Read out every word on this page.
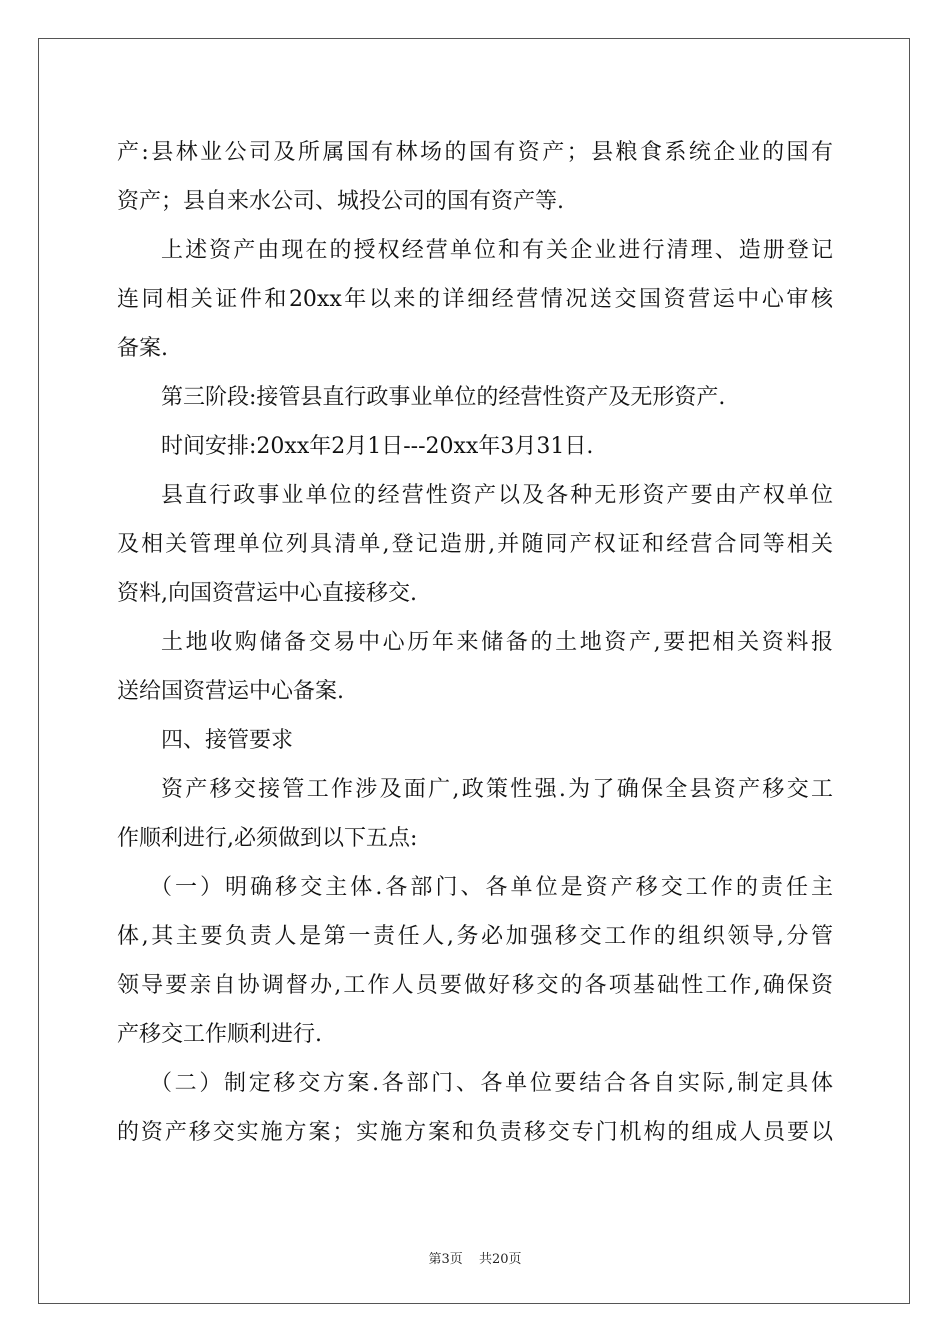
产:县林业公司及所属国有林场的国有资产；县粮食系统企业的国有
资产；县自来水公司、城投公司的国有资产等.
上述资产由现在的授权经营单位和有关企业进行清理、造册登记
连同相关证件和20xx年以来的详细经营情况送交国资营运中心审核
备案.
第三阶段:接管县直行政事业单位的经营性资产及无形资产.
时间安排:20xx年2月1日---20xx年3月31日.
县直行政事业单位的经营性资产以及各种无形资产要由产权单位
及相关管理单位列具清单,登记造册,并随同产权证和经营合同等相关
资料,向国资营运中心直接移交.
土地收购储备交易中心历年来储备的土地资产,要把相关资料报
送给国资营运中心备案.
四、接管要求
资产移交接管工作涉及面广,政策性强.为了确保全县资产移交工
作顺利进行,必须做到以下五点:
（一）明确移交主体.各部门、各单位是资产移交工作的责任主
体,其主要负责人是第一责任人,务必加强移交工作的组织领导,分管
领导要亲自协调督办,工作人员要做好移交的各项基础性工作,确保资
产移交工作顺利进行.
（二）制定移交方案.各部门、各单位要结合各自实际,制定具体
的资产移交实施方案；实施方案和负责移交专门机构的组成人员要以
第3页 共20页
